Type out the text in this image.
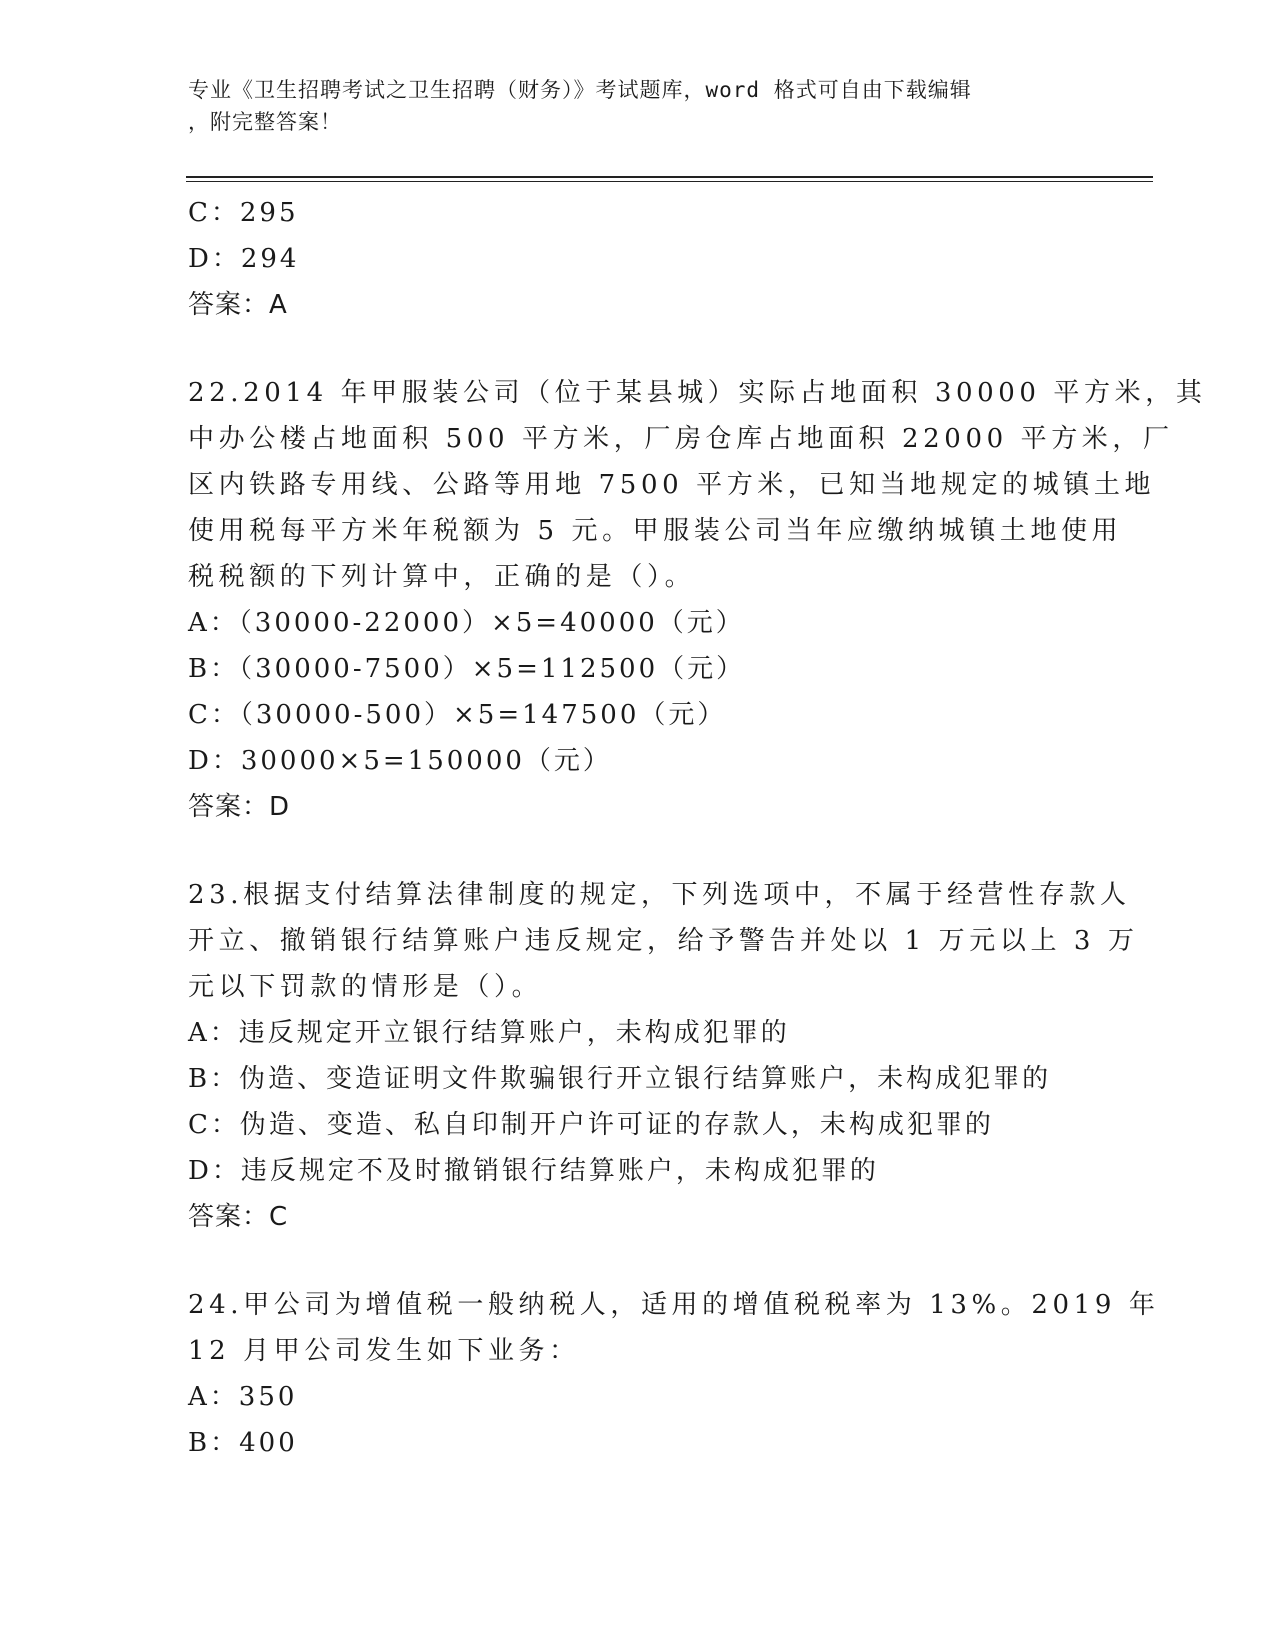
专业《卫生招聘考试之卫生招聘（财务）》考试题库，word 格式可自由下载编辑
，附完整答案！
C：295
D：294
答案：A
22.2014 年甲服装公司（位于某县城）实际占地面积 30000 平方米，其
中办公楼占地面积 500 平方米，厂房仓库占地面积 22000 平方米，厂
区内铁路专用线、公路等用地 7500 平方米，已知当地规定的城镇土地
使用税每平方米年税额为 5 元。甲服装公司当年应缴纳城镇土地使用
税税额的下列计算中，正确的是（）。
A：（30000-22000）×5=40000（元）
B：（30000-7500）×5=112500（元）
C：（30000-500）×5=147500（元）
D：30000×5=150000（元）
答案：D
23.根据支付结算法律制度的规定，下列选项中，不属于经营性存款人
开立、撤销银行结算账户违反规定，给予警告并处以 1 万元以上 3 万
元以下罚款的情形是（）。
A：违反规定开立银行结算账户，未构成犯罪的
B：伪造、变造证明文件欺骗银行开立银行结算账户，未构成犯罪的
C：伪造、变造、私自印制开户许可证的存款人，未构成犯罪的
D：违反规定不及时撤销银行结算账户，未构成犯罪的
答案：C
24.甲公司为增值税一般纳税人，适用的增值税税率为 13%。2019 年
12 月甲公司发生如下业务：
A：350
B：400
